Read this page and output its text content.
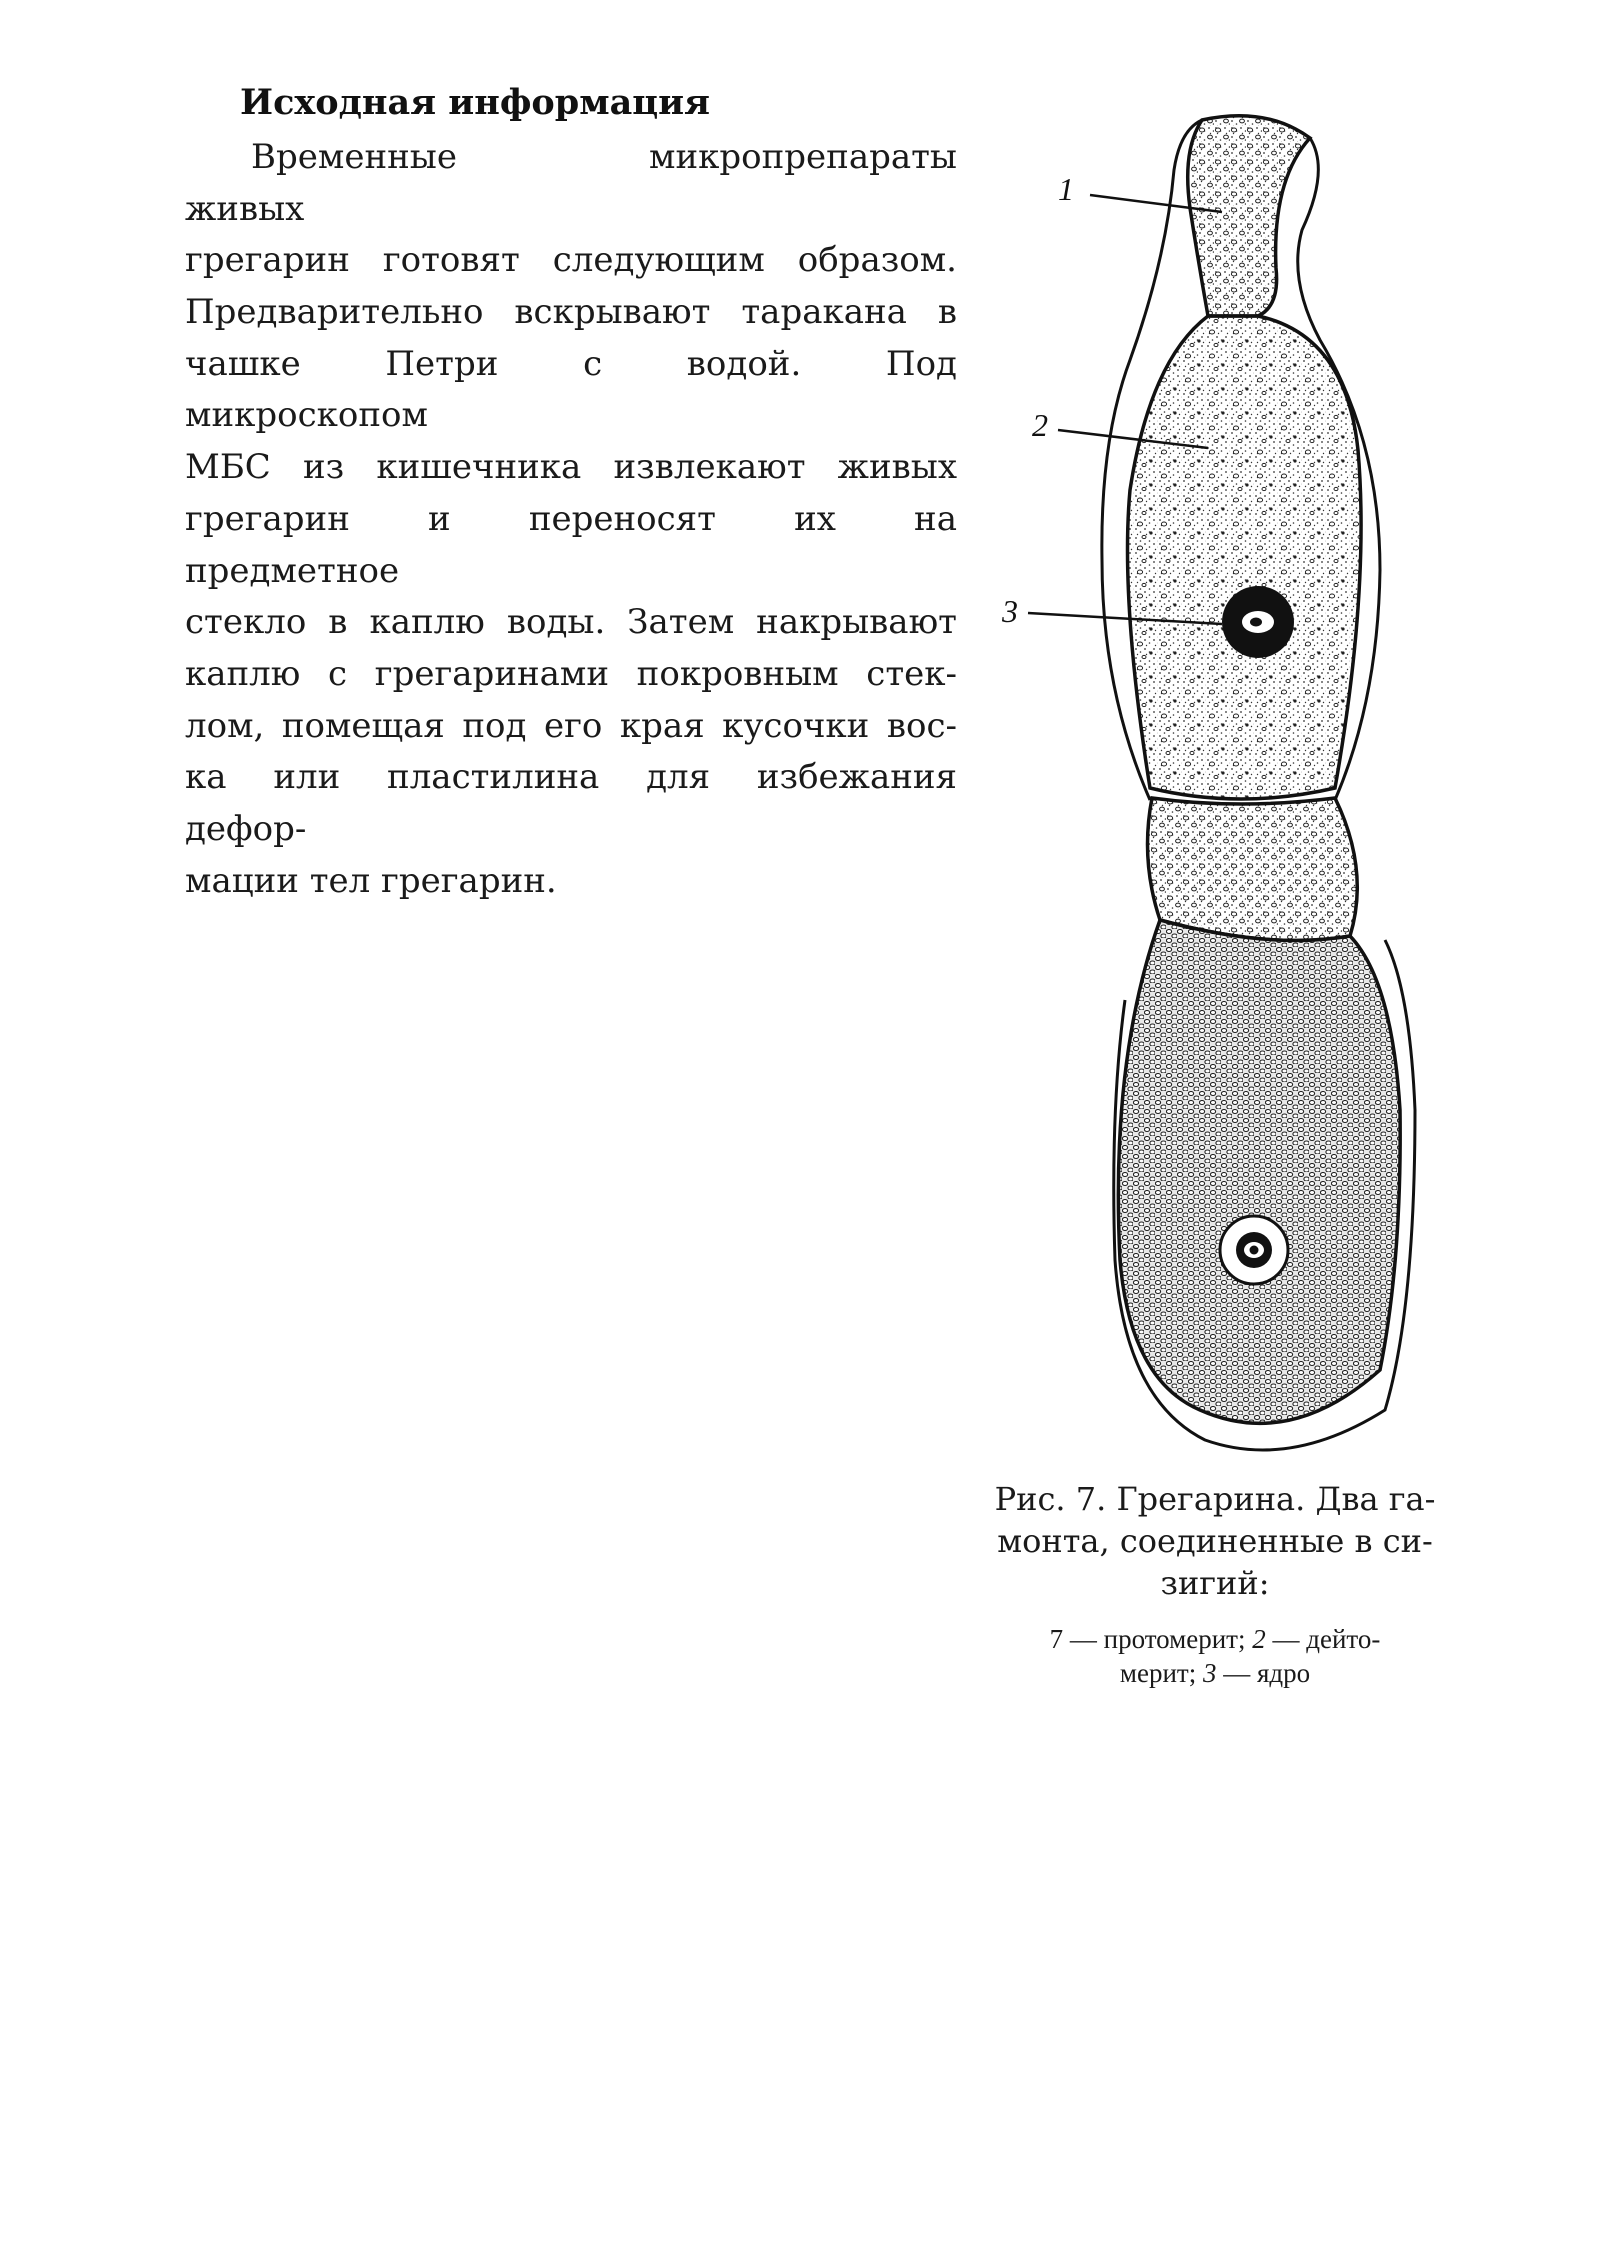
Исходная информация
Временные микропрепараты
живых
грегарин готовят следующим образом.
Предварительно вскрывают таракана в
чашке Петри с водой. Под
микроскопом
МБС из кишечника извлекают живых
грегарин и переносят их на
предметное
стекло в каплю воды. Затем накрывают
каплю с грегаринами покровным стек-
лом, помещая под его края кусочки вос-
ка или пластилина для избежания
дефор-
мации тел грегарин.
1
2
3
Рис. 7. Грегарина. Два га-
монта, соединенные в си-
зигий:
7 — протомерит; 2 — дейто-
мерит; 3 — ядро
